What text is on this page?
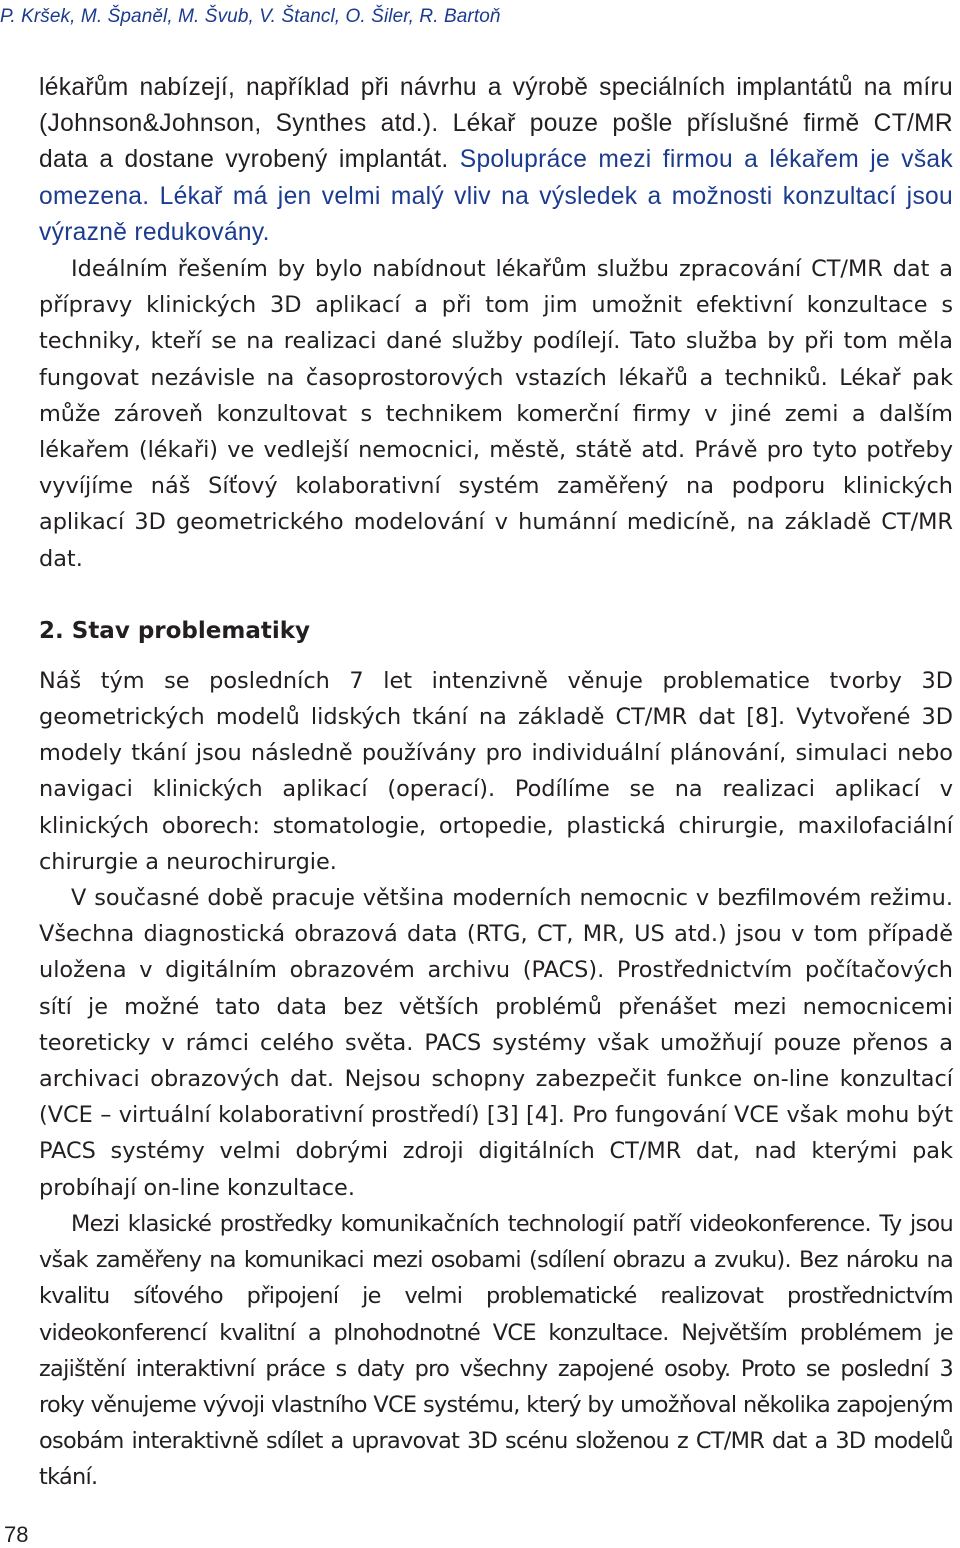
P. Kršek, M. Španěl, M. Švub, V. Štancl, O. Šiler, R. Bartoň

lékařům nabízejí, například při návrhu a výrobě speciálních implantátů na míru (Johnson&Johnson, Synthes atd.). Lékař pouze pošle příslušné firmě CT/MR data a dostane vyrobený implantát. Spolupráce mezi firmou a lékařem je však omezena. Lékař má jen velmi malý vliv na výsledek a možnosti konzultací jsou výrazně redukovány.

Ideálním řešením by bylo nabídnout lékařům službu zpracování CT/MR dat a přípravy klinických 3D aplikací a při tom jim umožnit efektivní konzultace s techniky, kteří se na realizaci dané služby podílejí. Tato služba by při tom měla fungovat nezávisle na časoprostorových vstazích lékařů a techniků. Lékař pak může zároveň konzultovat s technikem komerční firmy v jiné zemi a dalším lékařem (lékaři) ve vedlejší nemocnici, městě, státě atd. Právě pro tyto potřeby vyvíjíme náš Síťový kolaborativní systém zaměřený na podporu klinických aplikací 3D geometrického modelování v humánní medicíně, na základě CT/MR dat.

2. Stav problematiky

Náš tým se posledních 7 let intenzivně věnuje problematice tvorby 3D geometrických modelů lidských tkání na základě CT/MR dat [8]. Vytvořené 3D modely tkání jsou následně používány pro individuální plánování, simulaci nebo navigaci klinických aplikací (operací). Podílíme se na realizaci aplikací v klinických oborech: stomatologie, ortopedie, plastická chirurgie, maxilofaciální chirurgie a neurochirurgie.

V současné době pracuje většina moderních nemocnic v bezfilmovém režimu. Všechna diagnostická obrazová data (RTG, CT, MR, US atd.) jsou v tom případě uložena v digitálním obrazovém archivu (PACS). Prostřednictvím počítačových sítí je možné tato data bez větších problémů přenášet mezi nemocnicemi teoreticky v rámci celého světa. PACS systémy však umožňují pouze přenos a archivaci obrazových dat. Nejsou schopny zabezpečit funkce on-line konzultací (VCE – virtuální kolaborativní prostředí) [3] [4]. Pro fungování VCE však mohu být PACS systémy velmi dobrými zdroji digitálních CT/MR dat, nad kterými pak probíhají on-line konzultace.

Mezi klasické prostředky komunikačních technologií patří videokonference. Ty jsou však zaměřeny na komunikaci mezi osobami (sdílení obrazu a zvuku). Bez nároku na kvalitu síťového připojení je velmi problematické realizovat prostřednictvím videokonferencí kvalitní a plnohodnotné VCE konzultace. Největším problémem je zajištění interaktivní práce s daty pro všechny zapojené osoby. Proto se poslední 3 roky věnujeme vývoji vlastního VCE systému, který by umožňoval několika zapojeným osobám interaktivně sdílet a upravovat 3D scénu složenou z CT/MR dat a 3D modelů tkání.

78
